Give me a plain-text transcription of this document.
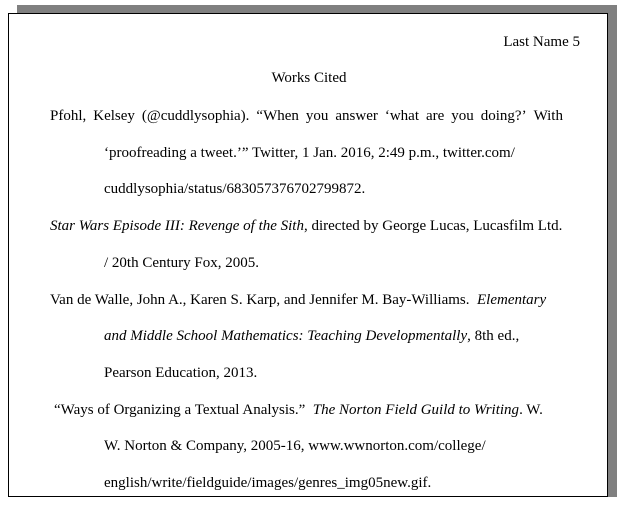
Last Name 5
Works Cited
Pfohl, Kelsey (@cuddlysophia). “When you answer ‘what are you doing?’ With
‘proofreading a tweet.’” Twitter, 1 Jan. 2016, 2:49 p.m., twitter.com/
cuddlysophia/status/683057376702799872.
Star Wars Episode III: Revenge of the Sith, directed by George Lucas, Lucasfilm Ltd.
/ 20th Century Fox, 2005.
Van de Walle, John A., Karen S. Karp, and Jennifer M. Bay-Williams. Elementary
and Middle School Mathematics: Teaching Developmentally, 8th ed.,
Pearson Education, 2013.
“Ways of Organizing a Textual Analysis.” The Norton Field Guild to Writing. W.
W. Norton & Company, 2005-16, www.wwnorton.com/college/
english/write/fieldguide/images/genres_img05new.gif.
